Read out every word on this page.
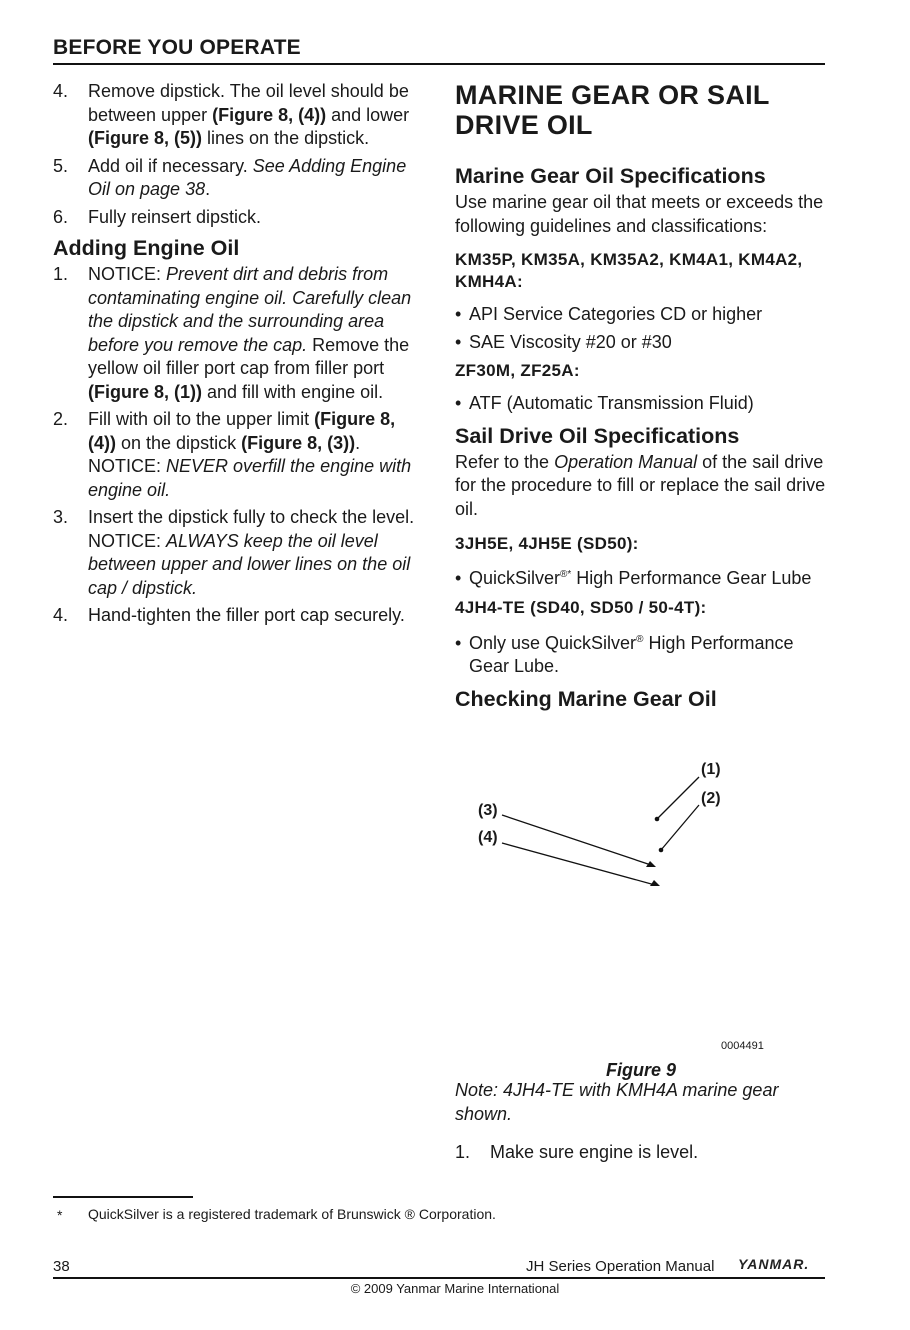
BEFORE YOU OPERATE
4. Remove dipstick. The oil level should be between upper (Figure 8, (4)) and lower (Figure 8, (5)) lines on the dipstick.
5. Add oil if necessary. See Adding Engine Oil on page 38.
6. Fully reinsert dipstick.
Adding Engine Oil
1. NOTICE: Prevent dirt and debris from contaminating engine oil. Carefully clean the dipstick and the surrounding area before you remove the cap. Remove the yellow oil filler port cap from filler port (Figure 8, (1)) and fill with engine oil.
2. Fill with oil to the upper limit (Figure 8, (4)) on the dipstick (Figure 8, (3)). NOTICE: NEVER overfill the engine with engine oil.
3. Insert the dipstick fully to check the level. NOTICE: ALWAYS keep the oil level between upper and lower lines on the oil cap / dipstick.
4. Hand-tighten the filler port cap securely.
MARINE GEAR OR SAIL DRIVE OIL
Marine Gear Oil Specifications
Use marine gear oil that meets or exceeds the following guidelines and classifications:
KM35P, KM35A, KM35A2, KM4A1, KM4A2, KMH4A:
• API Service Categories CD or higher
• SAE Viscosity #20 or #30
ZF30M, ZF25A:
• ATF (Automatic Transmission Fluid)
Sail Drive Oil Specifications
Refer to the Operation Manual of the sail drive for the procedure to fill or replace the sail drive oil.
3JH5E, 4JH5E (SD50):
• QuickSilver®* High Performance Gear Lube
4JH4-TE (SD40, SD50 / 50-4T):
• Only use QuickSilver® High Performance Gear Lube.
Checking Marine Gear Oil
(1)
(2)
(3)
(4)
0004491
Figure 9
Note: 4JH4-TE with KMH4A marine gear shown.
1. Make sure engine is level.
* QuickSilver is a registered trademark of Brunswick ® Corporation.
38	JH Series Operation Manual YANMAR.
© 2009 Yanmar Marine International
